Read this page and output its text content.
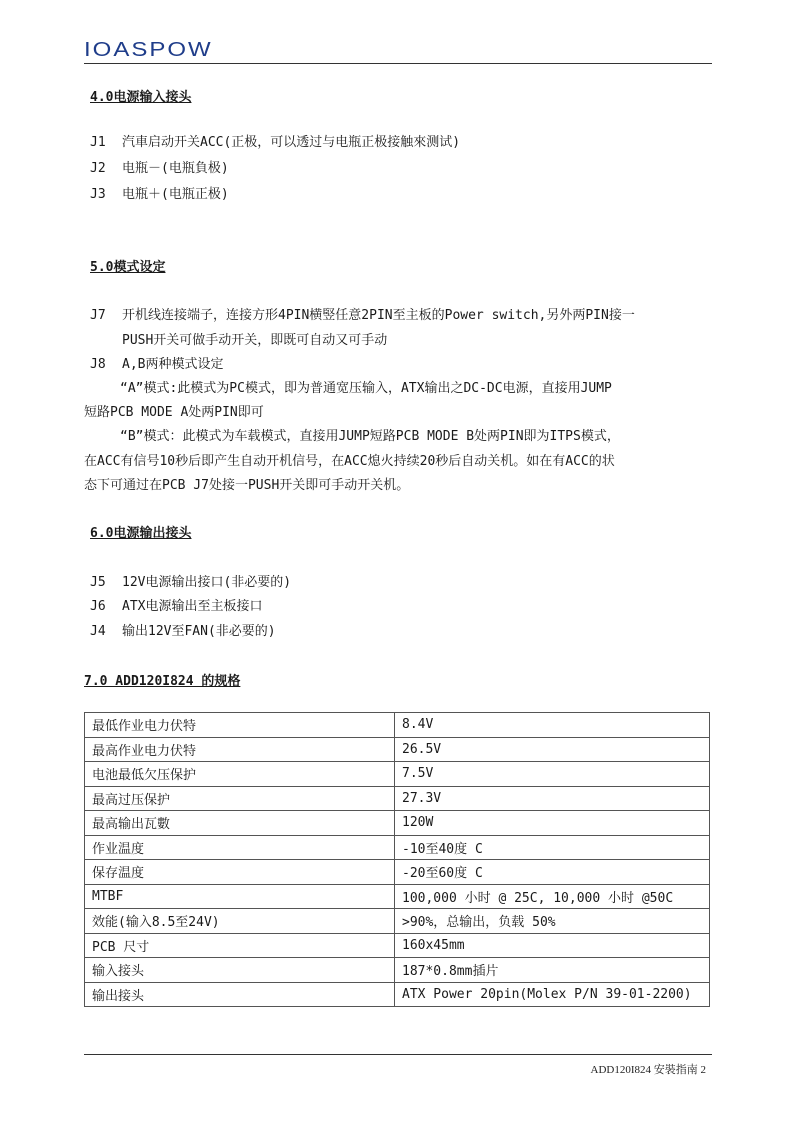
IOASPOW
4.0电源输入接头
J1 汽車启动开关ACC(正极，可以透过与电瓶正极接触來测试)
J2 电瓶－(电瓶負极)
J3 电瓶＋(电瓶正极)
5.0模式设定
J7 开机线连接端子，连接方形4PIN横竪任意2PIN至主板的Power switch,另外两PIN接一
PUSH开关可做手动开关，即既可自动又可手动
J8 A,B两种模式设定
“A”模式:此模式为PC模式，即为普通宽压输入，ATX输出之DC-DC电源，直接用JUMP
短路PCB MODE A处两PIN即可
“B”模式：此模式为车载模式，直接用JUMP短路PCB MODE B处两PIN即为ITPS模式，
在ACC有信号10秒后即产生自动开机信号，在ACC熄火持续20秒后自动关机。如在有ACC的状
态下可通过在PCB J7处接一PUSH开关即可手动开关机。
6.0电源输出接头
J5 12V电源输出接口(非必要的)
J6 ATX电源输出至主板接口
J4 输出12V至FAN(非必要的)
7.0 ADD120I824 的规格
最低作业电力伏特	8.4V
最高作业电力伏特	26.5V
电池最低欠压保护	7.5V
最高过压保护	27.3V
最高输出瓦數	120W
作业温度	-10至40度 C
保存温度	-20至60度 C
MTBF	100,000 小时 @ 25C, 10,000 小时 @50C
效能(输入8.5至24V)	>90%，总输出，负载 50%
PCB 尺寸	160x45mm
输入接头	187*0.8mm插片
输出接头	ATX Power 20pin(Molex P/N 39-01-2200)
ADD120I824 安裝指南 2
